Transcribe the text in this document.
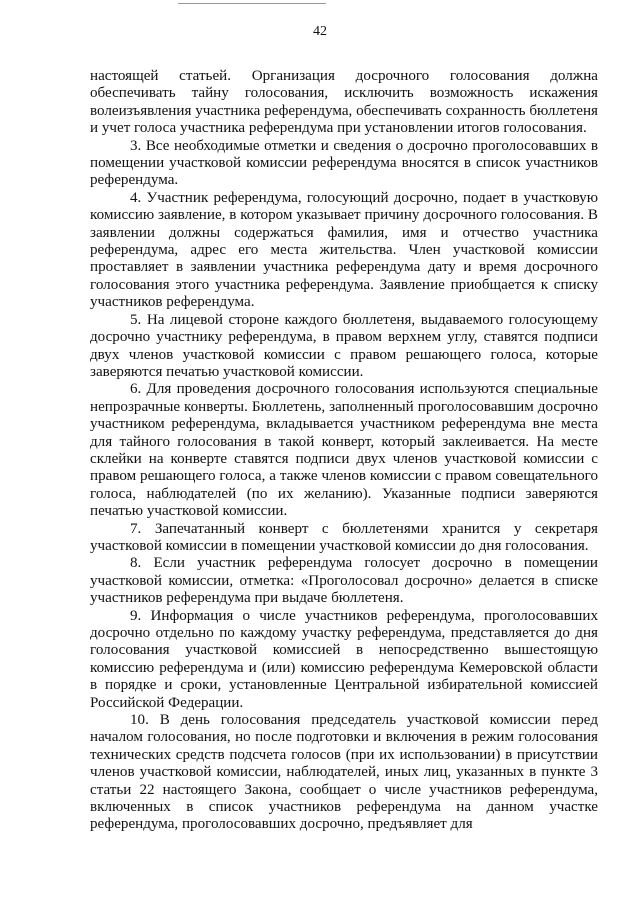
42

настоящей статьей. Организация досрочного голосования должна обеспечивать тайну голосования, исключить возможность искажения волеизъявления участника референдума, обеспечивать сохранность бюллетеня и учет голоса участника референдума при установлении итогов голосования.

3. Все необходимые отметки и сведения о досрочно проголосовавших в помещении участковой комиссии референдума вносятся в список участников референдума.

4. Участник референдума, голосующий досрочно, подает в участковую комиссию заявление, в котором указывает причину досрочного голосования. В заявлении должны содержаться фамилия, имя и отчество участника референдума, адрес его места жительства. Член участковой комиссии проставляет в заявлении участника референдума дату и время досрочного голосования этого участника референдума. Заявление приобщается к списку участников референдума.

5. На лицевой стороне каждого бюллетеня, выдаваемого голосующему досрочно участнику референдума, в правом верхнем углу, ставятся подписи двух членов участковой комиссии с правом решающего голоса, которые заверяются печатью участковой комиссии.

6. Для проведения досрочного голосования используются специальные непрозрачные конверты. Бюллетень, заполненный проголосовавшим досрочно участником референдума, вкладывается участником референдума вне места для тайного голосования в такой конверт, который заклеивается. На месте склейки на конверте ставятся подписи двух членов участковой комиссии с правом решающего голоса, а также членов комиссии с правом совещательного голоса, наблюдателей (по их желанию). Указанные подписи заверяются печатью участковой комиссии.

7. Запечатанный конверт с бюллетенями хранится у секретаря участковой комиссии в помещении участковой комиссии до дня голосования.

8. Если участник референдума голосует досрочно в помещении участковой комиссии, отметка: «Проголосовал досрочно» делается в списке участников референдума при выдаче бюллетеня.

9. Информация о числе участников референдума, проголосовавших досрочно отдельно по каждому участку референдума, представляется до дня голосования участковой комиссией в непосредственно вышестоящую комиссию референдума и (или) комиссию референдума Кемеровской области в порядке и сроки, установленные Центральной избирательной комиссией Российской Федерации.

10. В день голосования председатель участковой комиссии перед началом голосования, но после подготовки и включения в режим голосования технических средств подсчета голосов (при их использовании) в присутствии членов участковой комиссии, наблюдателей, иных лиц, указанных в пункте 3 статьи 22 настоящего Закона, сообщает о числе участников референдума, включенных в список участников референдума на данном участке референдума, проголосовавших досрочно, предъявляет для
